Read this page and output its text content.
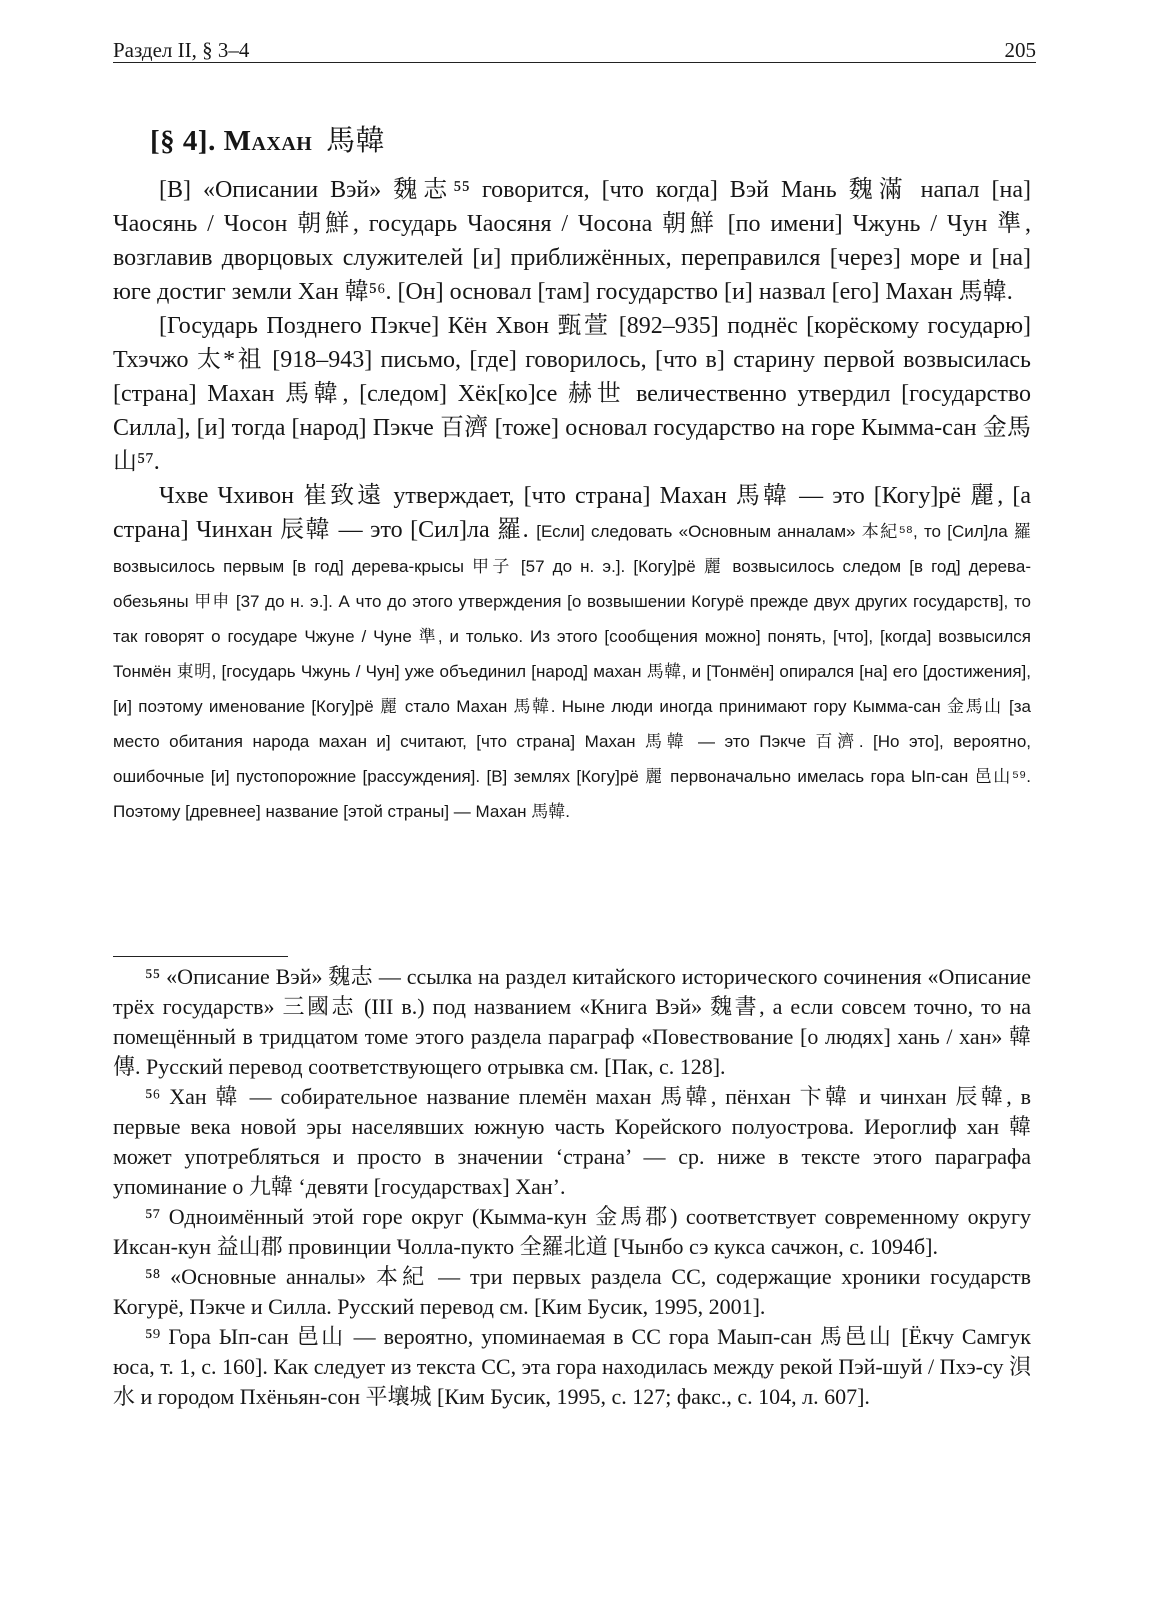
Раздел II, § 3–4	205
[§ 4]. Махан 馬韓

[В] «Описании Вэй» 魏志⁵⁵ говорится, [что когда] Вэй Мань 魏滿 напал [на] Чаосянь / Чосон 朝鮮, государь Чаосяня / Чосона 朝鮮 [по имени] Чжунь / Чун 準, возглавив дворцовых служителей [и] приближённых, переправился [через] море и [на] юге достиг земли Хан 韓⁵⁶. [Он] основал [там] государство [и] назвал [его] Махан 馬韓.

[Государь Позднего Пэкче] Кён Хвон 甄萱 [892–935] поднёс [корёскому государю] Тхэчжо 太*祖 [918–943] письмо, [где] говорилось, [что в] старину первой возвысилась [страна] Махан 馬韓, [следом] Хёк[ко]се 赫世 величественно утвердил [государство Силла], [и] тогда [народ] Пэкче 百濟 [тоже] основал государство на горе Кымма-сан 金馬山⁵⁷.

Чхве Чхивон 崔致遠 утверждает, [что страна] Махан 馬韓 — это [Когу]рё 麗, [а страна] Чинхан 辰韓 — это [Сил]ла 羅. [Если] следовать «Основным анналам» 本紀⁵⁸, то [Сил]ла 羅 возвысилось первым [в год] дерева-крысы 甲子 [57 до н. э.]. [Когу]рё 麗 возвысилось следом [в год] дерева-обезьяны 甲申 [37 до н. э.]. А что до этого утверждения [о возвышении Когурё прежде двух других государств], то так говорят о государе Чжуне / Чуне 準, и только. Из этого [сообщения можно] понять, [что], [когда] возвысился Тонмён 東明, [государь Чжунь / Чун] уже объединил [народ] махан 馬韓, и [Тонмён] опирался [на] его [достижения], [и] поэтому именование [Когу]рё 麗 стало Махан 馬韓. Ныне люди иногда принимают гору Кымма-сан 金馬山 [за место обитания народа махан и] считают, [что страна] Махан 馬韓 — это Пэкче 百濟. [Но это], вероятно, ошибочные [и] пустопорожние [рассуждения]. [В] землях [Когу]рё 麗 первоначально имелась гора Ып-сан 邑山⁵⁹. Поэтому [древнее] название [этой страны] — Махан 馬韓.

⁵⁵ «Описание Вэй» 魏志 — ссылка на раздел китайского исторического сочинения «Описание трёх государств» 三國志 (III в.) под названием «Книга Вэй» 魏書, а если совсем точно, то на помещённый в тридцатом томе этого раздела параграф «Повествование [о людях] хань / хан» 韓傳. Русский перевод соответствующего отрывка см. [Пак, с. 128].

⁵⁶ Хан 韓 — собирательное название племён махан 馬韓, пёнхан 卞韓 и чинхан 辰韓, в первые века новой эры населявших южную часть Корейского полуострова. Иероглиф хан 韓 может употребляться и просто в значении ‘страна’ — ср. ниже в тексте этого параграфа упоминание о 九韓 ‘девяти [государствах] Хан’.

⁵⁷ Одноимённый этой горе округ (Кымма-кун 金馬郡) соответствует современному округу Иксан-кун 益山郡 провинции Чолла-пукто 全羅北道 [Чынбо сэ кукса сачжон, с. 1094б].

⁵⁸ «Основные анналы» 本紀 — три первых раздела СС, содержащие хроники государств Когурё, Пэкче и Силла. Русский перевод см. [Ким Бусик, 1995, 2001].

⁵⁹ Гора Ып-сан 邑山 — вероятно, упоминаемая в СС гора Маып-сан 馬邑山 [Ёкчу Самгук юса, т. 1, с. 160]. Как следует из текста СС, эта гора находилась между рекой Пэй-шуй / Пхэ-су 浿水 и городом Пхёньян-сон 平壤城 [Ким Бусик, 1995, с. 127; факс., с. 104, л. 607].
